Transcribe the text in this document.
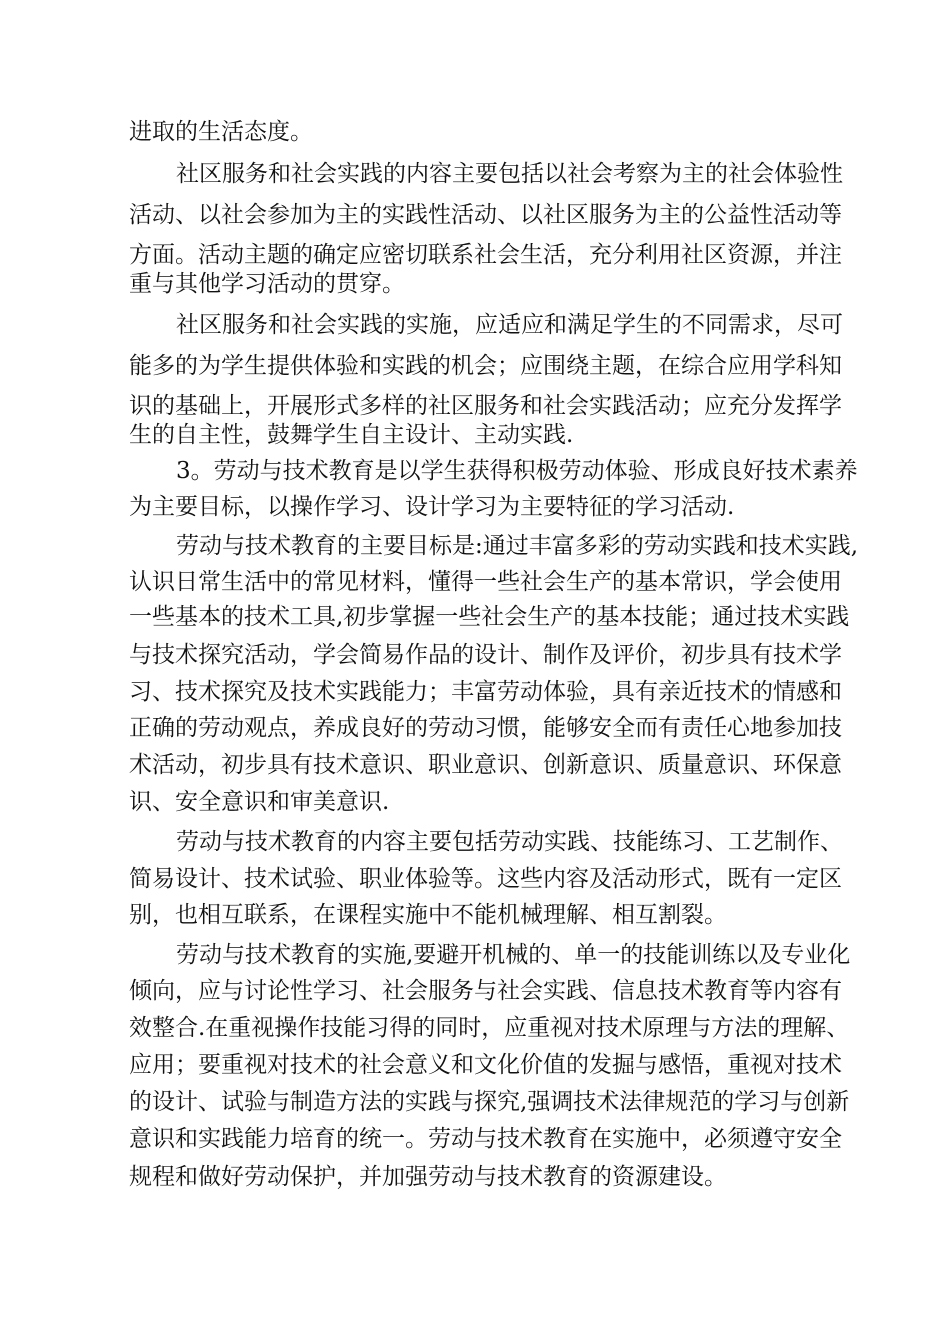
进取的生活态度。

社区服务和社会实践的内容主要包括以社会考察为主的社会体验性

活动、以社会参加为主的实践性活动、以社区服务为主的公益性活动等

方面。活动主题的确定应密切联系社会生活，充分利用社区资源，并注

重与其他学习活动的贯穿。

社区服务和社会实践的实施，应适应和满足学生的不同需求，尽可

能多的为学生提供体验和实践的机会；应围绕主题，在综合应用学科知

识的基础上，开展形式多样的社区服务和社会实践活动；应充分发挥学

生的自主性，鼓舞学生自主设计、主动实践.

3。劳动与技术教育是以学生获得积极劳动体验、形成良好技术素养

为主要目标，以操作学习、设计学习为主要特征的学习活动.

劳动与技术教育的主要目标是:通过丰富多彩的劳动实践和技术实践,

认识日常生活中的常见材料，懂得一些社会生产的基本常识，学会使用

一些基本的技术工具,初步掌握一些社会生产的基本技能；通过技术实践

与技术探究活动，学会简易作品的设计、制作及评价，初步具有技术学

习、技术探究及技术实践能力；丰富劳动体验，具有亲近技术的情感和

正确的劳动观点，养成良好的劳动习惯，能够安全而有责任心地参加技

术活动，初步具有技术意识、职业意识、创新意识、质量意识、环保意

识、安全意识和审美意识.

劳动与技术教育的内容主要包括劳动实践、技能练习、工艺制作、

简易设计、技术试验、职业体验等。这些内容及活动形式，既有一定区

别，也相互联系，在课程实施中不能机械理解、相互割裂。

劳动与技术教育的实施,要避开机械的、单一的技能训练以及专业化

倾向，应与讨论性学习、社会服务与社会实践、信息技术教育等内容有

效整合.在重视操作技能习得的同时，应重视对技术原理与方法的理解、

应用；要重视对技术的社会意义和文化价值的发掘与感悟，重视对技术

的设计、试验与制造方法的实践与探究,强调技术法律规范的学习与创新

意识和实践能力培育的统一。劳动与技术教育在实施中，必须遵守安全

规程和做好劳动保护，并加强劳动与技术教育的资源建设。
